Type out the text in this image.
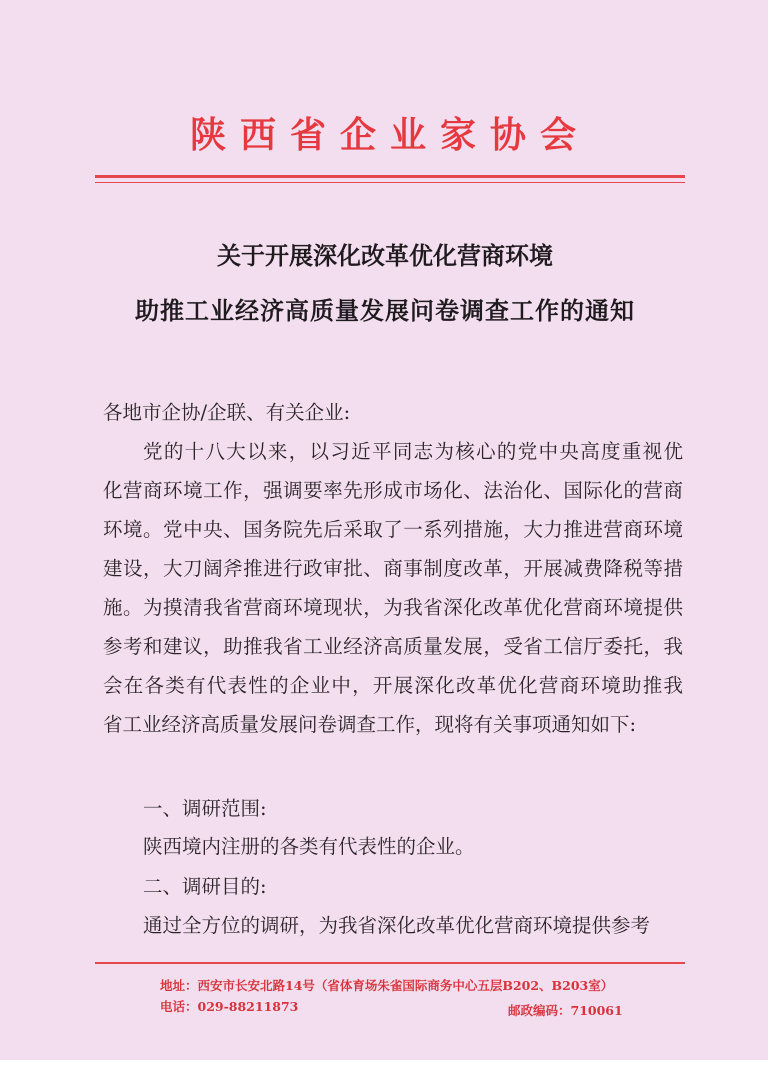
陕西省企业家协会
关于开展深化改革优化营商环境
助推工业经济高质量发展问卷调查工作的通知
各地市企协/企联、有关企业:
党的十八大以来，以习近平同志为核心的党中央高度重视优
化营商环境工作，强调要率先形成市场化、法治化、国际化的营商
环境。党中央、国务院先后采取了一系列措施，大力推进营商环境
建设，大刀阔斧推进行政审批、商事制度改革，开展减费降税等措
施。为摸清我省营商环境现状，为我省深化改革优化营商环境提供
参考和建议，助推我省工业经济高质量发展，受省工信厅委托，我
会在各类有代表性的企业中，开展深化改革优化营商环境助推我
省工业经济高质量发展问卷调查工作，现将有关事项通知如下:
一、调研范围:
陕西境内注册的各类有代表性的企业。
二、调研目的:
通过全方位的调研，为我省深化改革优化营商环境提供参考
地址：西安市长安北路14号（省体育场朱雀国际商务中心五层B202、B203室）
电话：029-88211873	邮政编码：710061
